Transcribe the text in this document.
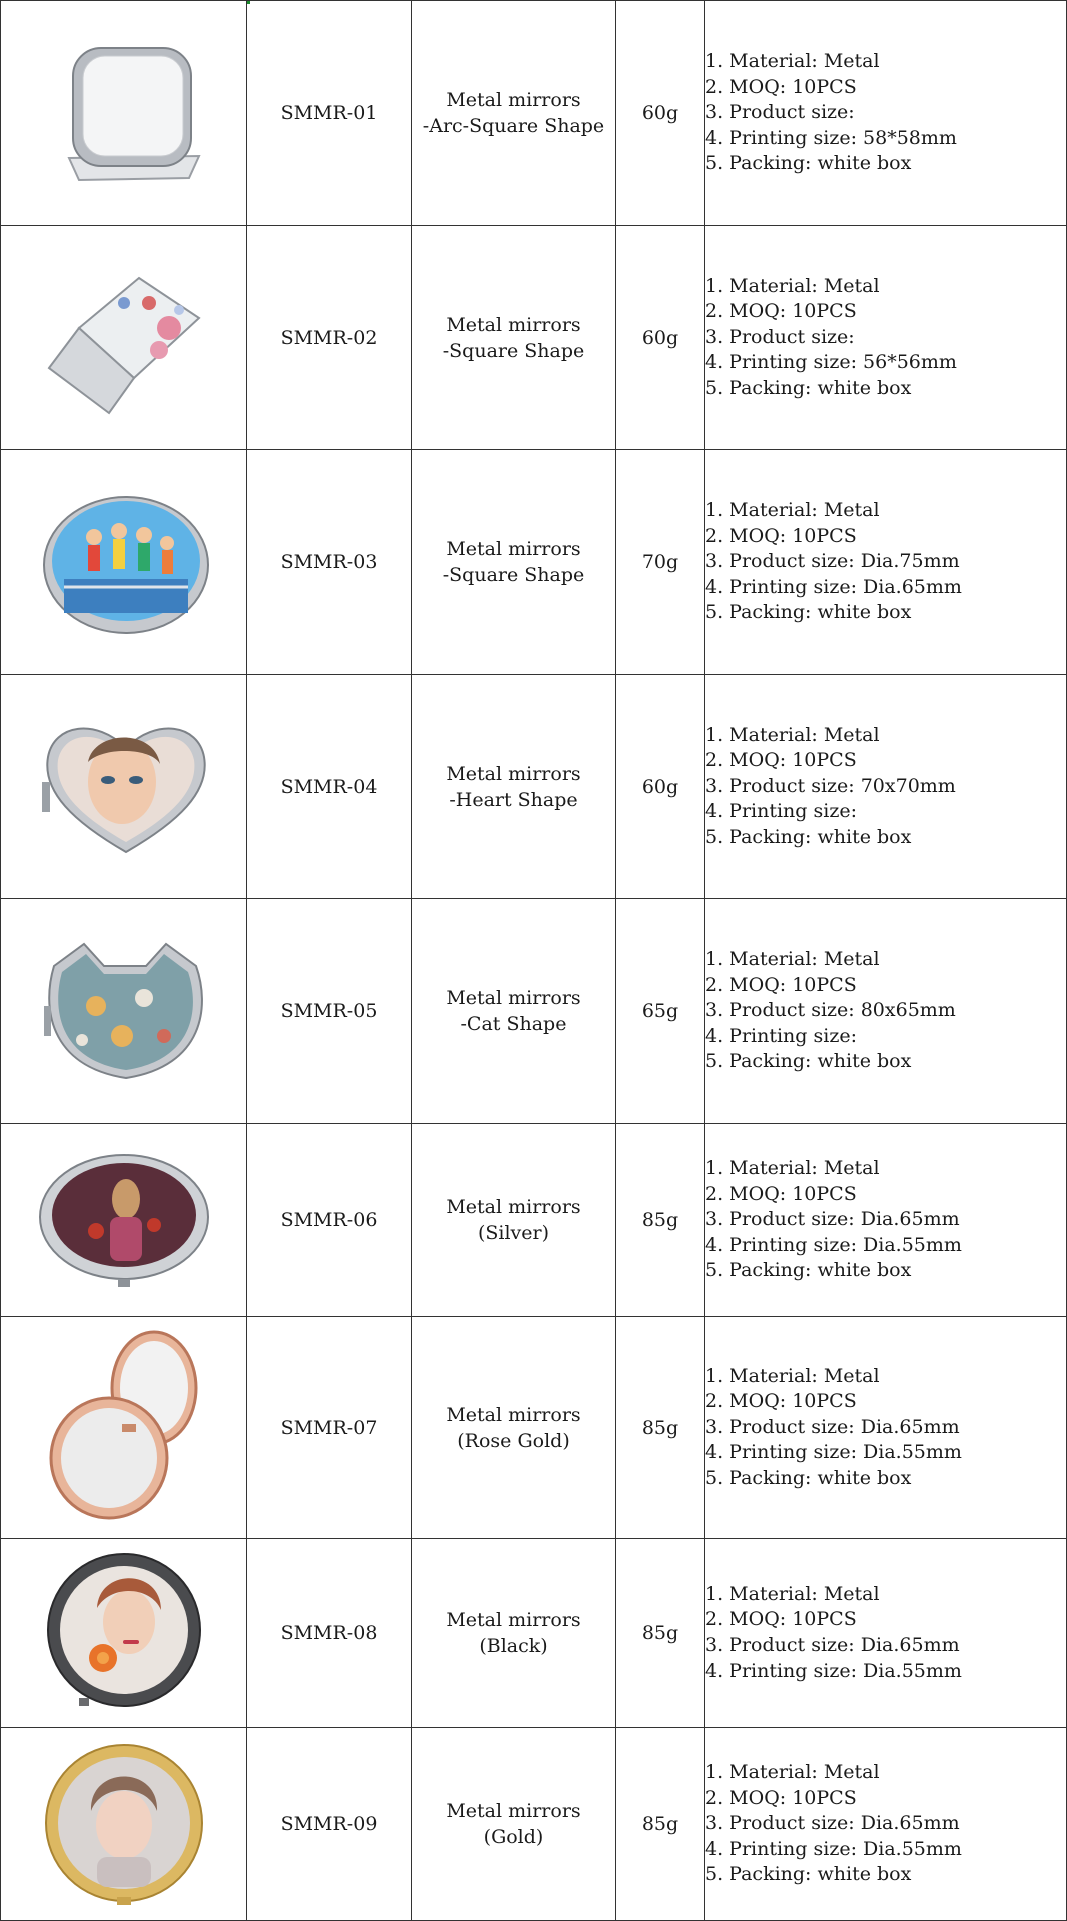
	SMMR-01	Metal mirrors
-Arc-Square Shape	60g	1. Material: Metal
2. MOQ: 10PCS
3. Product size:
4. Printing size: 58*58mm
5. Packing: white box

	SMMR-02	Metal mirrors
-Square Shape	60g	1. Material: Metal
2. MOQ: 10PCS
3. Product size:
4. Printing size: 56*56mm
5. Packing: white box

	SMMR-03	Metal mirrors
-Square Shape	70g	1. Material: Metal
2. MOQ: 10PCS
3. Product size: Dia.75mm
4. Printing size: Dia.65mm
5. Packing: white box

	SMMR-04	Metal mirrors
-Heart Shape	60g	1. Material: Metal
2. MOQ: 10PCS
3. Product size: 70x70mm
4. Printing size:
5. Packing: white box

	SMMR-05	Metal mirrors
-Cat Shape	65g	1. Material: Metal
2. MOQ: 10PCS
3. Product size: 80x65mm
4. Printing size:
5. Packing: white box

	SMMR-06	Metal mirrors
(Silver)	85g	1. Material: Metal
2. MOQ: 10PCS
3. Product size: Dia.65mm
4. Printing size: Dia.55mm
5. Packing: white box

	SMMR-07	Metal mirrors
(Rose Gold)	85g	1. Material: Metal
2. MOQ: 10PCS
3. Product size: Dia.65mm
4. Printing size: Dia.55mm
5. Packing: white box

	SMMR-08	Metal mirrors
(Black)	85g	1. Material: Metal
2. MOQ: 10PCS
3. Product size: Dia.65mm
4. Printing size: Dia.55mm

	SMMR-09	Metal mirrors
(Gold)	85g	1. Material: Metal
2. MOQ: 10PCS
3. Product size: Dia.65mm
4. Printing size: Dia.55mm
5. Packing: white box
